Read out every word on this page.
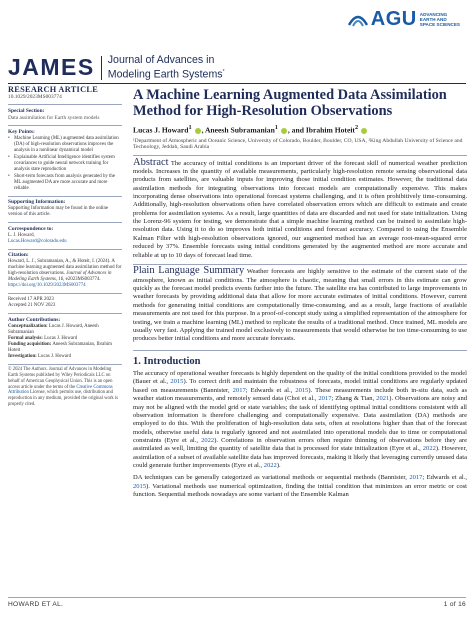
AGU ADVANCING
EARTH AND
SPACE SCIENCES
JAMES Journal of Advances in
Modeling Earth Systems*
RESEARCH ARTICLE
10.1029/2023MS003774
Special Section:
Data assimilation for Earth system models
Key Points:
• Machine Learning (ML) augmented data assimilation (DA) of high-resolution observations improves the analysis in a nonlinear dynamical model
• Explainable Artificial Intelligence identifies system covariances to guide neural network training for analysis state reproduction
• Short-term forecasts from analysis generated by the ML augmented DA are more accurate and more reliable
Supporting Information:
Supporting Information may be found in the online version of this article.
Correspondence to:
L. J. Howard,
Lucas.Howard@colorado.edu
Citation:
Howard, L. J., Subramanian, A., & Hoteit, I. (2024). A machine learning augmented data assimilation method for high-resolution observations. Journal of Advances in Modeling Earth Systems, 16, e2023MS003774. https://doi.org/10.1029/2023MS003774
Received 17 APR 2023
Accepted 21 NOV 2023
Author Contributions:
Conceptualization: Lucas J. Howard, Aneesh Subramanian
Formal analysis: Lucas J. Howard
Funding acquisition: Aneesh Subramanian, Ibrahim Hoteit
Investigation: Lucas J. Howard
© 2024 The Authors. Journal of Advances in Modeling Earth Systems published by Wiley Periodicals LLC on behalf of American Geophysical Union. This is an open access article under the terms of the Creative Commons Attribution License, which permits use, distribution and reproduction in any medium, provided the original work is properly cited.
A Machine Learning Augmented Data Assimilation Method for High-Resolution Observations
Lucas J. Howard$^1$ , Aneesh Subramanian$^1$ , and Ibrahim Hoteit$^2$
¹Department of Atmospheric and Oceanic Science, University of Colorado, Boulder, Boulder, CO, USA, ²King Abdullah University of Science and Technology, Jeddah, Saudi Arabia

Abstract The accuracy of initial conditions is an important driver of the forecast skill of numerical weather prediction models. Increases in the quantity of available measurements, particularly high-resolution remote sensing observational data products from satellites, are valuable inputs for improving those initial condition estimates. However, the traditional data assimilation methods for integrating observations into forecast models are computationally expensive. This makes incorporating dense observations into operational forecast systems challenging, and it is often prohibitively time-consuming. Additionally, high-resolution observations often have correlated observation errors which are difficult to estimate and create problems for assimilation systems. As a result, large quantities of data are discarded and not used for state initialization. Using the Lorenz-96 system for testing, we demonstrate that a simple machine learning method can be trained to assimilate high-resolution data. Using it to do so improves both initial conditions and forecast accuracy. Compared to using the Ensemble Kalman Filter with high-resolution observations ignored, our augmented method has an average root-mean-squared error reduced by 37%. Ensemble forecasts using initial conditions generated by the augmented method are more accurate and reliable at up to 10 days of forecast lead time.

Plain Language Summary Weather forecasts are highly sensitive to the estimate of the current state of the atmosphere, known as initial conditions. The atmosphere is chaotic, meaning that small errors in this estimate can grow quickly as the forecast model predicts events further into the future. The satellite era has contributed to large improvements in weather forecasts by providing additional data that allow for more accurate estimates of initial conditions. However, current methods for generating initial conditions are computationally time-consuming, and as a result, large fractions of available measurements are not used for this purpose. In a proof-of-concept study using a simplified representation of the atmosphere for testing, we train a machine learning (ML) method to replicate the results of a traditional method. Once trained, ML models are usually very fast. Applying the trained model exclusively to measurements that would otherwise be too time-consuming to use produces better initial conditions and more accurate forecasts.

1. Introduction

The accuracy of operational weather forecasts is highly dependent on the quality of the initial conditions provided to the model (Bauer et al., 2015). To correct drift and maintain the robustness of forecasts, model initial conditions are regularly updated based on measurements (Bannister, 2017; Edwards et al., 2015). These measurements include both in-situ data, such as weather station measurements, and remotely sensed data (Choi et al., 2017; Zhang & Tian, 2021). Observations are noisy and may not be aligned with the model grid or state variables; the task of identifying optimal initial conditions consistent with all observation information is therefore challenging and computationally expensive. Data assimilation (DA) methods are employed to do this. With the proliferation of high-resolution data sets, often at resolutions higher than that of the forecast models, otherwise useful data is regularly ignored and not assimilated into operational models due to time or computational constraints (Eyre et al., 2022). Correlations in observation errors often require thinning of observations before they are assimilated as well, limiting the quantity of satellite data that is processed for state initialization (Eyre et al., 2022). However, assimilation of a subset of available satellite data has improved forecasts, making it likely that leveraging currently unused data could generate further improvements (Eyre et al., 2022).

DA techniques can be generally categorized as variational methods or sequential methods (Bannister, 2017; Edwards et al., 2015). Variational methods use numerical optimization, finding the initial condition that minimizes an error metric or cost function. Sequential methods nowadays are some variant of the Ensemble Kalman

HOWARD ET AL.	1 of 16
